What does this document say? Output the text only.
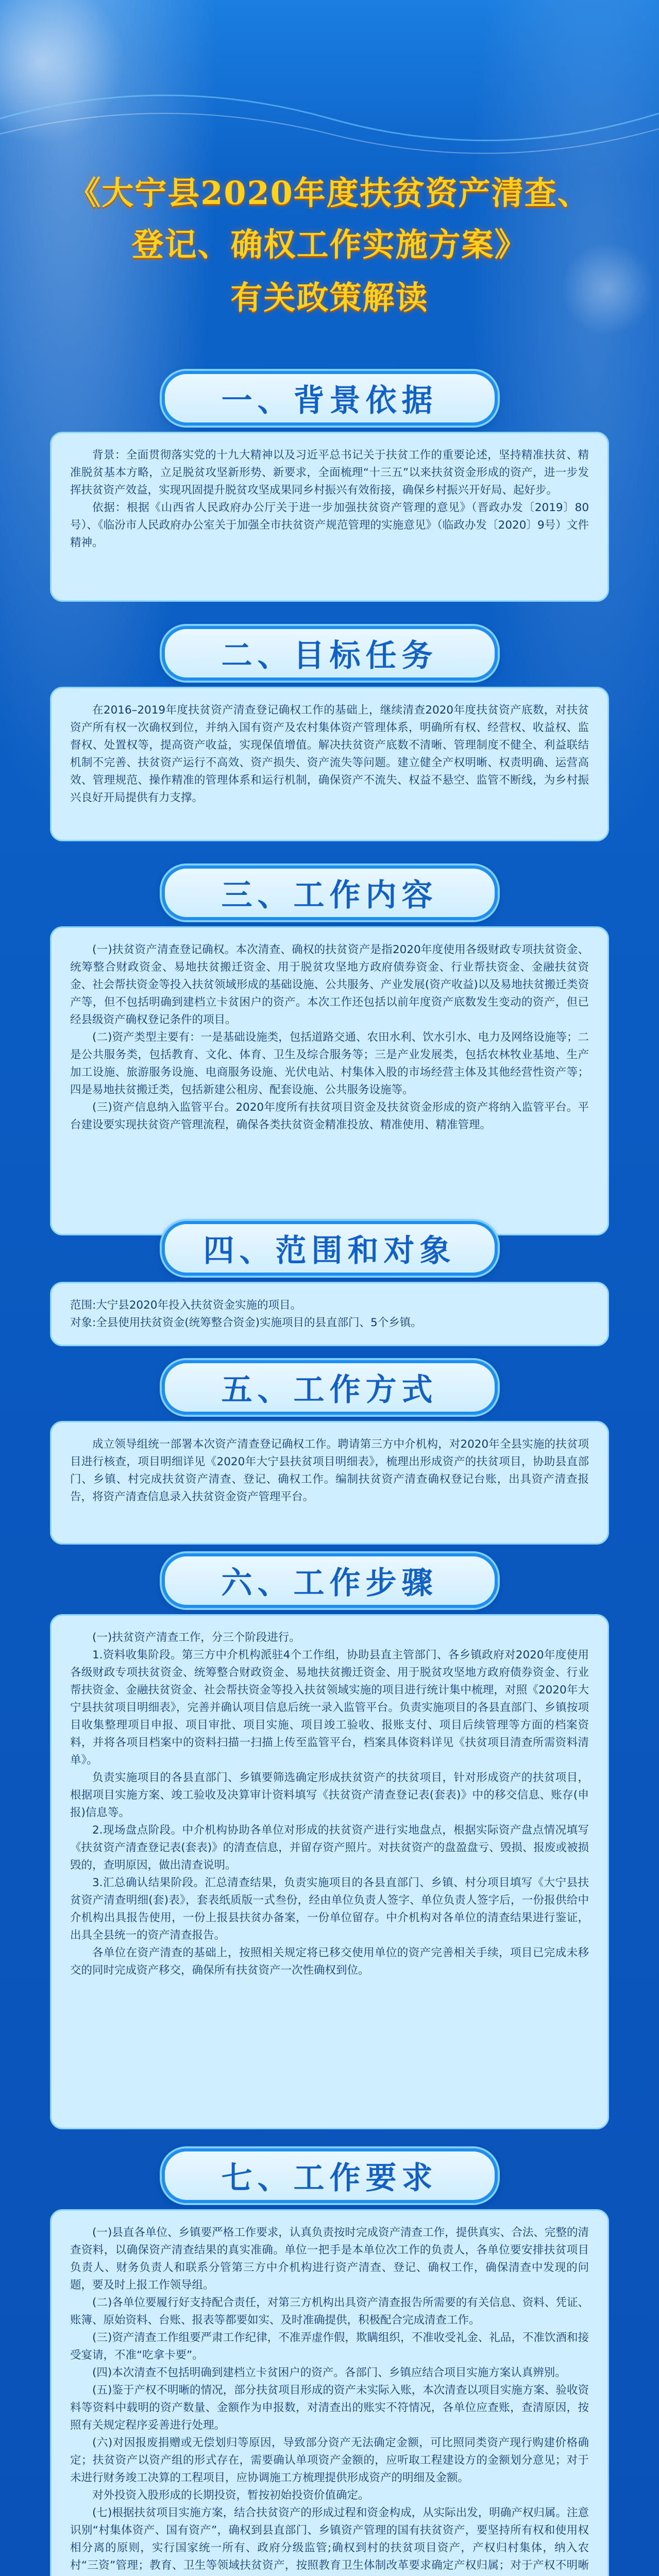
《大宁县2020年度扶贫资产清查、
登记、确权工作实施方案》
有关政策解读
一、背景依据

背景：全面贯彻落实党的十九大精神以及习近平总书记关于扶贫工作的重要论述，坚持精准扶贫、精准脱贫基本方略，立足脱贫攻坚新形势、新要求，全面梳理“十三五”以来扶贫资金形成的资产，进一步发挥扶贫资产效益，实现巩固提升脱贫攻坚成果同乡村振兴有效衔接，确保乡村振兴开好局、起好步。

依据：根据《山西省人民政府办公厅关于进一步加强扶贫资产管理的意见》（晋政办发〔2019〕80号）、《临汾市人民政府办公室关于加强全市扶贫资产规范管理的实施意见》（临政办发〔2020〕9号）文件精神。

二、目标任务

在2016–2019年度扶贫资产清查登记确权工作的基础上，继续清查2020年度扶贫资产底数，对扶贫资产所有权一次确权到位，并纳入国有资产及农村集体资产管理体系，明确所有权、经营权、收益权、监督权、处置权等，提高资产收益，实现保值增值。解决扶贫资产底数不清晰、管理制度不健全、利益联结机制不完善、扶贫资产运行不高效、资产损失、资产流失等问题。建立健全产权明晰、权责明确、运营高效、管理规范、操作精准的管理体系和运行机制，确保资产不流失、权益不悬空、监管不断线，为乡村振兴良好开局提供有力支撑。

三、工作内容

(一)扶贫资产清查登记确权。本次清查、确权的扶贫资产是指2020年度使用各级财政专项扶贫资金、统筹整合财政资金、易地扶贫搬迁资金、用于脱贫攻坚地方政府债券资金、行业帮扶资金、金融扶贫资金、社会帮扶资金等投入扶贫领域形成的基础设施、公共服务、产业发展(资产收益)以及易地扶贫搬迁类资产等，但不包括明确到建档立卡贫困户的资产。本次工作还包括以前年度资产底数发生变动的资产，但已经县级资产确权登记条件的项目。

(二)资产类型主要有：一是基础设施类，包括道路交通、农田水利、饮水引水、电力及网络设施等；二是公共服务类，包括教育、文化、体育、卫生及综合服务等；三是产业发展类，包括农林牧业基地、生产加工设施、旅游服务设施、电商服务设施、光伏电站、村集体入股的市场经营主体及其他经营性资产等；四是易地扶贫搬迁类，包括新建公租房、配套设施、公共服务设施等。

(三)资产信息纳入监管平台。2020年度所有扶贫项目资金及扶贫资金形成的资产将纳入监管平台。平台建设要实现扶贫资产管理流程，确保各类扶贫资金精准投放、精准使用、精准管理。

四、范围和对象

范围:大宁县2020年投入扶贫资金实施的项目。

对象:全县使用扶贫资金(统筹整合资金)实施项目的县直部门、5个乡镇。

五、工作方式

成立领导组统一部署本次资产清查登记确权工作。聘请第三方中介机构，对2020年全县实施的扶贫项目进行核查，项目明细详见《2020年大宁县扶贫项目明细表》，梳理出形成资产的扶贫项目，协助县直部门、乡镇、村完成扶贫资产清查、登记、确权工作。编制扶贫资产清查确权登记台账，出具资产清查报告，将资产清查信息录入扶贫资金资产管理平台。

六、工作步骤

(一)扶贫资产清查工作，分三个阶段进行。

1.资料收集阶段。第三方中介机构派驻4个工作组，协助县直主管部门、各乡镇政府对2020年度使用各级财政专项扶贫资金、统筹整合财政资金、易地扶贫搬迁资金、用于脱贫攻坚地方政府债券资金、行业帮扶资金、金融扶贫资金、社会帮扶资金等投入扶贫领域实施的项目进行统计集中梳理，对照《2020年大宁县扶贫项目明细表》，完善并确认项目信息后统一录入监管平台。负责实施项目的各县直部门、乡镇按项目收集整理项目申报、项目审批、项目实施、项目竣工验收、报账支付、项目后续管理等方面的档案资料，并将各项目档案中的资料扫描一扫描上传至监管平台，档案具体资料详见《扶贫项目清查所需资料清单》。

负责实施项目的各县直部门、乡镇要筛选确定形成扶贫资产的扶贫项目，针对形成资产的扶贫项目，根据项目实施方案、竣工验收及决算审计资料填写《扶贫资产清查登记表(套表)》中的移交信息、账存(申报)信息等。

2.现场盘点阶段。中介机构协助各单位对形成的扶贫资产进行实地盘点，根据实际资产盘点情况填写《扶贫资产清查登记表(套表)》的清查信息，并留存资产照片。对扶贫资产的盘盈盘亏、毁损、报废或被损毁的，查明原因，做出清查说明。

3.汇总确认结果阶段。汇总清查结果，负责实施项目的各县直部门、乡镇、村分项目填写《大宁县扶贫资产清查明细(套)表》，套表纸质版一式叁份，经由单位负责人签字、单位负责人签字后，一份报供给中介机构出具报告使用，一份上报县扶贫办备案，一份单位留存。中介机构对各单位的清查结果进行鉴证，出具全县统一的资产清查报告。

各单位在资产清查的基础上，按照相关规定将已移交使用单位的资产完善相关手续，项目已完成未移交的同时完成资产移交，确保所有扶贫资产一次性确权到位。

七、工作要求

(一)县直各单位、乡镇要严格工作要求，认真负责按时完成资产清查工作，提供真实、合法、完整的清查资料，以确保资产清查结果的真实准确。单位一把手是本单位次工作的负责人，各单位要安排扶贫项目负责人、财务负责人和联系分管第三方中介机构进行资产清查、登记、确权工作，确保清查中发现的问题，要及时上报工作领导组。

(二)各单位要履行好支持配合责任，对第三方机构出具资产清查报告所需要的有关信息、资料、凭证、账簿、原始资料、台账、报表等都要如实、及时准确提供，积极配合完成清查工作。

(三)资产清查工作组要严肃工作纪律，不准弄虚作假，欺瞒组织，不准收受礼金、礼品，不准饮酒和接受宴请，不准“吃拿卡要”。

(四)本次清查不包括明确到建档立卡贫困户的资产。各部门、乡镇应结合项目实施方案认真辨别。

(五)鉴于产权不明晰的情况，部分扶贫项目形成的资产未实际入账，本次清查以项目实施方案、验收资料等资料中载明的资产数量、金额作为申报数，对清查出的账实不符情况，各单位应查账，查清原因，按照有关规定程序妥善进行处理。

(六)对因报废捐赠或无偿划归等原因，导致部分资产无法确定金额，可比照同类资产现行购建价格确定；扶贫资产以资产组的形式存在，需要确认单项资产金额的，应听取工程建设方的金额划分意见；对于未进行财务竣工决算的工程项目，应协调施工方梳理提供形成资产的明细及金额。

对外投资入股形成的长期投资，暂按初始投资价值确定。

(七)根据扶贫项目实施方案，结合扶贫资产的形成过程和资金构成，从实际出发，明确产权归属。注意识别“村集体资产、国有资产”，确权到县直部门、乡镇资产管理的国有扶贫资产，要坚持所有权和使用权相分离的原则，实行国家统一所有、政府分级监管;确权到村的扶贫项目资产，产权归村集体，纳入农村“三资”管理；教育、卫生等领域扶贫资产，按照教育卫生体制改革要求确定产权归属；对于产权不明晰
